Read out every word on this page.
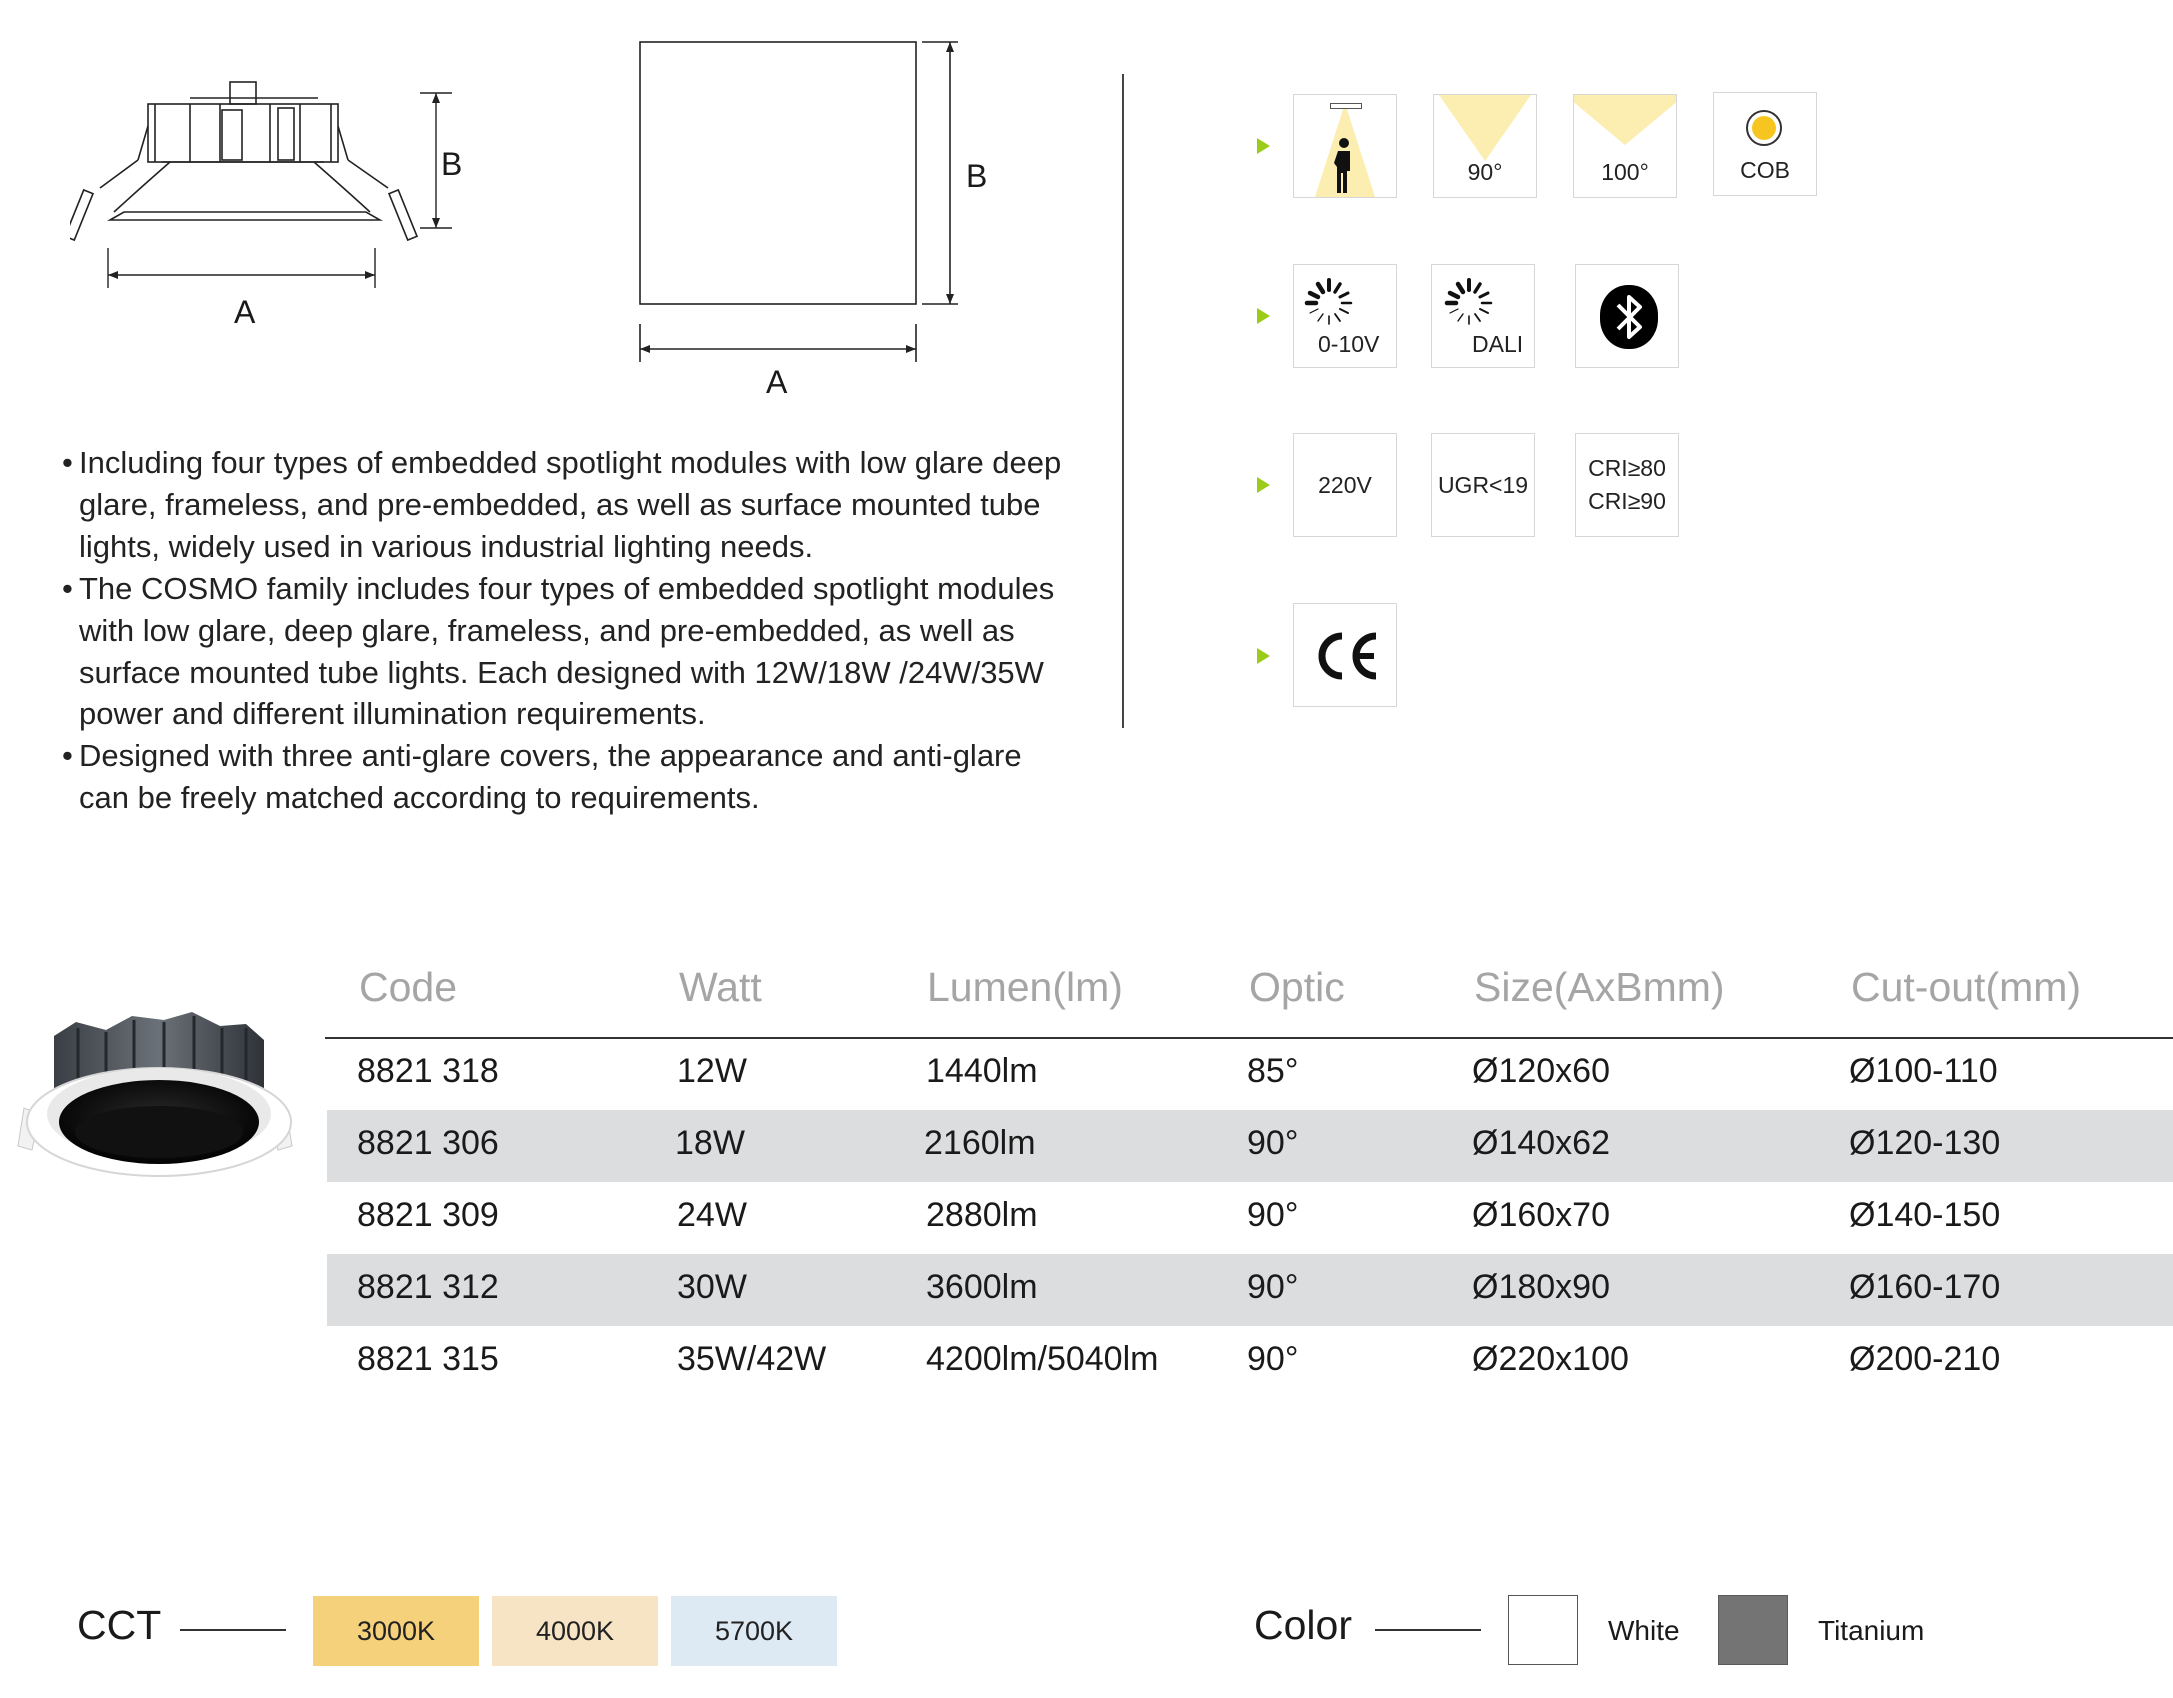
A
B
A
B
• Including four types of embedded spotlight modules with low glare deep glare, frameless, and pre-embedded, as well as surface mounted tube lights, widely used in various industrial lighting needs.
• The COSMO family includes four types of embedded spotlight modules with low glare, deep glare, frameless, and pre-embedded, as well as surface mounted tube lights. Each designed with 12W/18W /24W/35W power and different illumination requirements.
• Designed with three anti-glare covers, the appearance and anti-glare can be freely matched according to requirements.
90°	100°	COB
0-10V	DALI
220V	UGR<19
CRI≥80
CRI≥90
Code	Watt	Lumen(lm)	Optic	Size(AxBmm)	Cut-out(mm)
8821 318	12W	1440lm	85°	Ø120x60	Ø100-110
8821 306	18W	2160lm	90°	Ø140x62	Ø120-130
8821 309	24W	2880lm	90°	Ø160x70	Ø140-150
8821 312	30W	3600lm	90°	Ø180x90	Ø160-170
8821 315	35W/42W	4200lm/5040lm	90°	Ø220x100	Ø200-210
CCT	3000K	4000K	5700K	Color	White	Titanium
